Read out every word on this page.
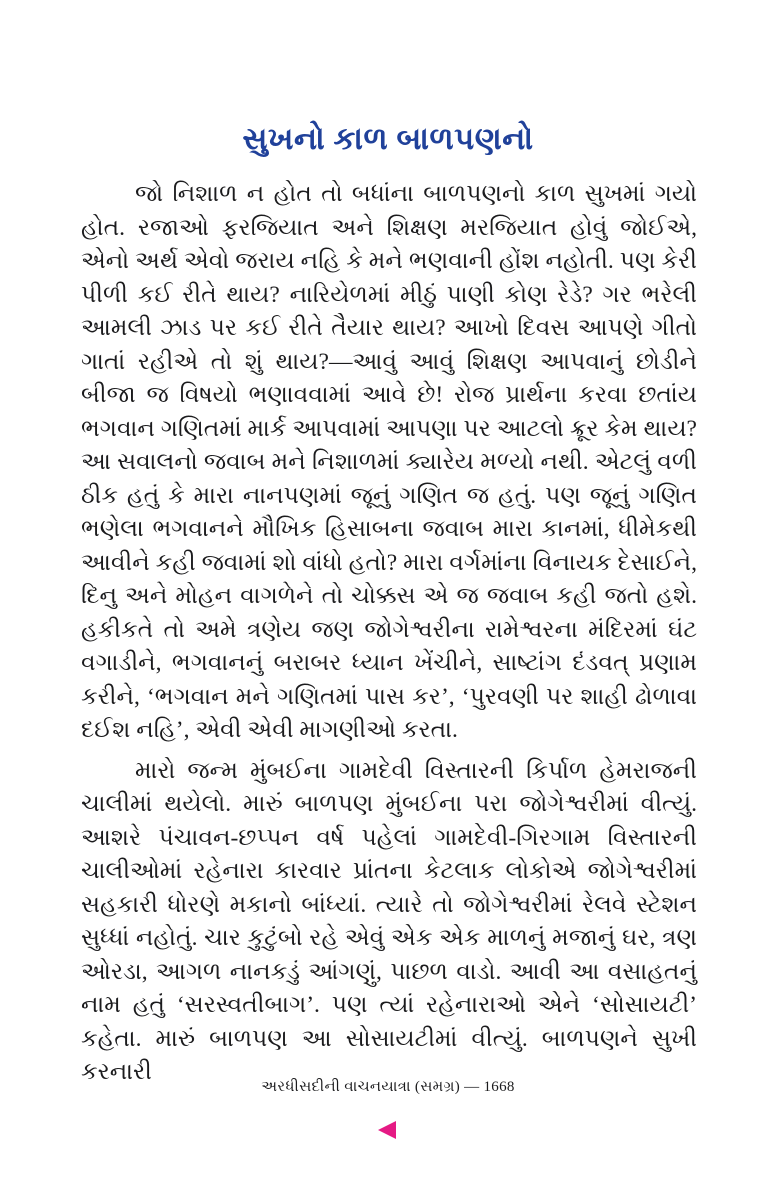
સુખનો કાળ બાળપણનો

જો નિશાળ ન હોત તો બધાંના બાળપણનો કાળ સુખમાં ગયો હોત. રજાઓ ફરજિયાત અને શિક્ષણ મરજિયાત હોવું જોઈએ, એનો અર્થ એવો જરાય નહિ કે મને ભણવાની હોંશ નહોતી. પણ કેરી પીળી કઈ રીતે થાય? નારિયેળમાં મીઠું પાણી કોણ રેડે? ગર ભરેલી આમલી ઝાડ પર કઈ રીતે તૈયાર થાય? આખો દિવસ આપણે ગીતો ગાતાં રહીએ તો શું થાય?—આવું આવું શિક્ષણ આપવાનું છોડીને બીજા જ વિષયો ભણાવવામાં આવે છે! રોજ પ્રાર્થના કરવા છતાંય ભગવાન ગણિતમાં માર્ક આપવામાં આપણા પર આટલો ક્રૂર કેમ થાય? આ સવાલનો જવાબ મને નિશાળમાં ક્યારેય મળ્યો નથી. એટલું વળી ઠીક હતું કે મારા નાનપણમાં જૂનું ગણિત જ હતું. પણ જૂનું ગણિત ભણેલા ભગવાનને મૌખિક હિસાબના જવાબ મારા કાનમાં, ધીમેકથી આવીને કહી જવામાં શો વાંધો હતો? મારા વર્ગમાંના વિનાયક દેસાઈને, દિનુ અને મોહન વાગળેને તો ચોક્કસ એ જ જવાબ કહી જતો હશે. હકીકતે તો અમે ત્રણેય જણ જોગેશ્વરીના રામેશ્વરના મંદિરમાં ઘંટ વગાડીને, ભગવાનનું બરાબર ધ્યાન ખેંચીને, સાષ્ટાંગ દંડવત્ પ્રણામ કરીને, ‘ભગવાન મને ગણિતમાં પાસ કર’, ‘પુરવણી પર શાહી ઢોળાવા દઈશ નહિ’, એવી એવી માગણીઓ કરતા.

મારો જન્મ મુંબઈના ગામદેવી વિસ્તારની કિર્પાળ હેમરાજની ચાલીમાં થયેલો. મારું બાળપણ મુંબઈના પરા જોગેશ્વરીમાં વીત્યું. આશરે પંચાવન-છપ્પન વર્ષ પહેલાં ગામદેવી-ગિરગામ વિસ્તારની ચાલીઓમાં રહેનારા કારવાર પ્રાંતના કેટલાક લોકોએ જોગેશ્વરીમાં સહકારી ધોરણે મકાનો બાંધ્યાં. ત્યારે તો જોગેશ્વરીમાં રેલવે સ્ટેશન સુધ્ધાં નહોતું. ચાર કુટુંબો રહે એવું એક એક માળનું મજાનું ઘર, ત્રણ ઓરડા, આગળ નાનકડું આંગણું, પાછળ વાડો. આવી આ વસાહતનું નામ હતું ‘સરસ્વતીબાગ’. પણ ત્યાં રહેનારાઓ એને ‘સોસાયટી’ કહેતા. મારું બાળપણ આ સોસાયટીમાં વીત્યું. બાળપણને સુખી કરનારી

અરધીસદીની વાચનયાત્રા (સમગ્ર) — 1668
